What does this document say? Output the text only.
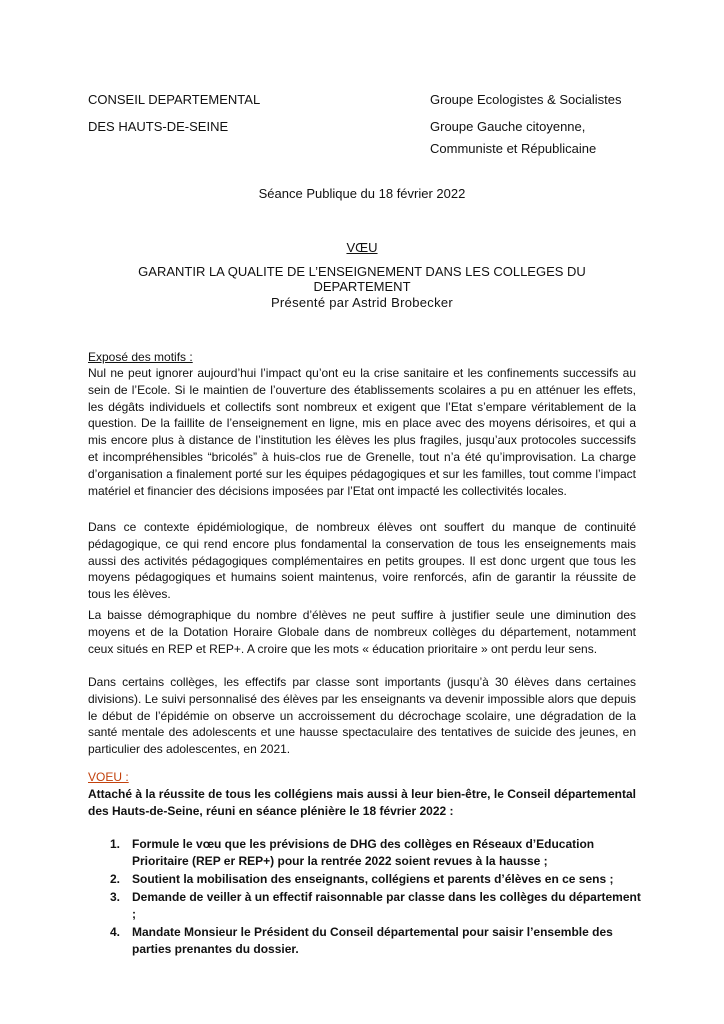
CONSEIL DEPARTEMENTAL
DES HAUTS-DE-SEINE
Groupe Ecologistes & Socialistes
Groupe Gauche citoyenne,
Communiste et Républicaine
Séance Publique du 18 février 2022
VŒU
GARANTIR LA QUALITE DE L’ENSEIGNEMENT DANS LES COLLEGES DU DEPARTEMENT
Présenté par Astrid Brobecker
Exposé des motifs :
Nul ne peut ignorer aujourd’hui l’impact qu’ont eu la crise sanitaire et les confinements successifs au sein de l’Ecole. Si le maintien de l’ouverture des établissements scolaires a pu en atténuer les effets, les dégâts individuels et collectifs sont nombreux et exigent que l’Etat s’empare véritablement de la question. De la faillite de l’enseignement en ligne, mis en place avec des moyens dérisoires, et qui a mis encore plus à distance de l’institution les élèves les plus fragiles, jusqu’aux protocoles successifs et incompréhensibles “bricolés” à huis-clos rue de Grenelle, tout n’a été qu’improvisation. La charge d’organisation a finalement porté sur les équipes pédagogiques et sur les familles, tout comme l’impact matériel et financier des décisions imposées par l’Etat ont impacté les collectivités locales.
Dans ce contexte épidémiologique, de nombreux élèves ont souffert du manque de continuité pédagogique, ce qui rend encore plus fondamental la conservation de tous les enseignements mais aussi des activités pédagogiques complémentaires en petits groupes. Il est donc urgent que tous les moyens pédagogiques et humains soient maintenus, voire renforcés, afin de garantir la réussite de tous les élèves.
La baisse démographique du nombre d’élèves ne peut suffire à justifier seule une diminution des moyens et de la Dotation Horaire Globale dans de nombreux collèges du département, notamment ceux situés en REP et REP+. A croire que les mots « éducation prioritaire » ont perdu leur sens.
Dans certains collèges, les effectifs par classe sont importants (jusqu’à 30 élèves dans certaines divisions). Le suivi personnalisé des élèves par les enseignants va devenir impossible alors que depuis le début de l’épidémie on observe un accroissement du décrochage scolaire, une dégradation de la santé mentale des adolescents et une hausse spectaculaire des tentatives de suicide des jeunes, en particulier des adolescentes, en 2021.
VOEU :
Attaché à la réussite de tous les collégiens mais aussi à leur bien-être, le Conseil départemental des Hauts-de-Seine, réuni en séance plénière le 18 février 2022 :
1. Formule le vœu que les prévisions de DHG des collèges en Réseaux d’Education Prioritaire (REP er REP+) pour la rentrée 2022 soient revues à la hausse ;
2. Soutient la mobilisation des enseignants, collégiens et parents d’élèves en ce sens ;
3. Demande de veiller à un effectif raisonnable par classe dans les collèges du département ;
4. Mandate Monsieur le Président du Conseil départemental pour saisir l’ensemble des parties prenantes du dossier.
